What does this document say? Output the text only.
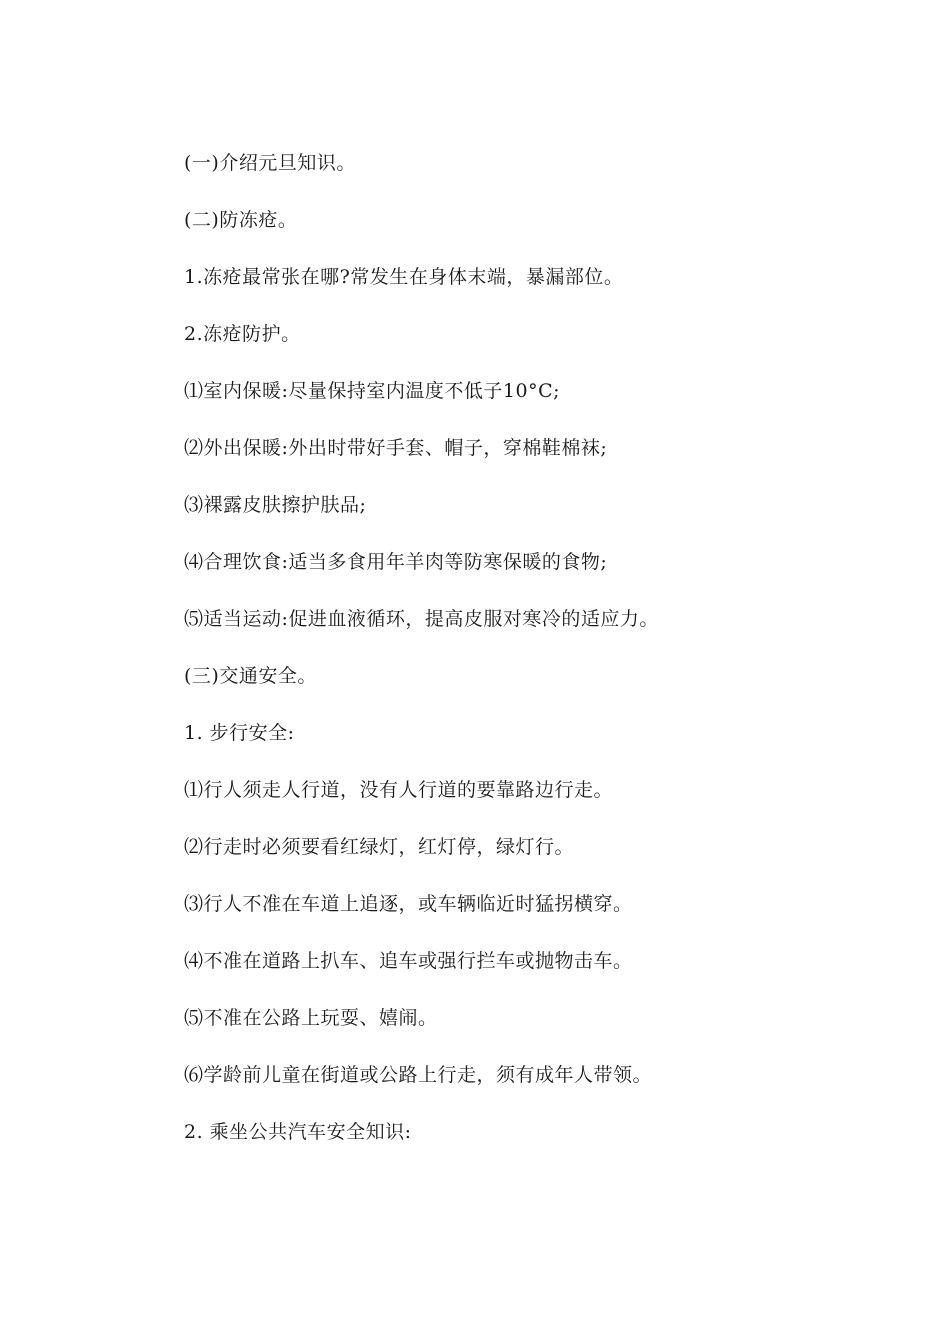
(一)介绍元旦知识。
(二)防冻疮。
1.冻疮最常张在哪?常发生在身体末端，暴漏部位。
2.冻疮防护。
⑴室内保暖:尽量保持室内温度不低子10°C;
⑵外出保暖:外出时带好手套、帽子，穿棉鞋棉袜;
⑶裸露皮肤擦护肤品;
⑷合理饮食:适当多食用年羊肉等防寒保暖的食物;
⑸适当运动:促进血液循环，提高皮服对寒冷的适应力。
(三)交通安全。
1. 步行安全:
⑴行人须走人行道，没有人行道的要靠路边行走。
⑵行走时必须要看红绿灯，红灯停，绿灯行。
⑶行人不准在车道上追逐，或车辆临近时猛拐横穿。
⑷不准在道路上扒车、追车或强行拦车或抛物击车。
⑸不准在公路上玩耍、嬉闹。
⑹学龄前儿童在街道或公路上行走，须有成年人带领。
2. 乘坐公共汽车安全知识:
